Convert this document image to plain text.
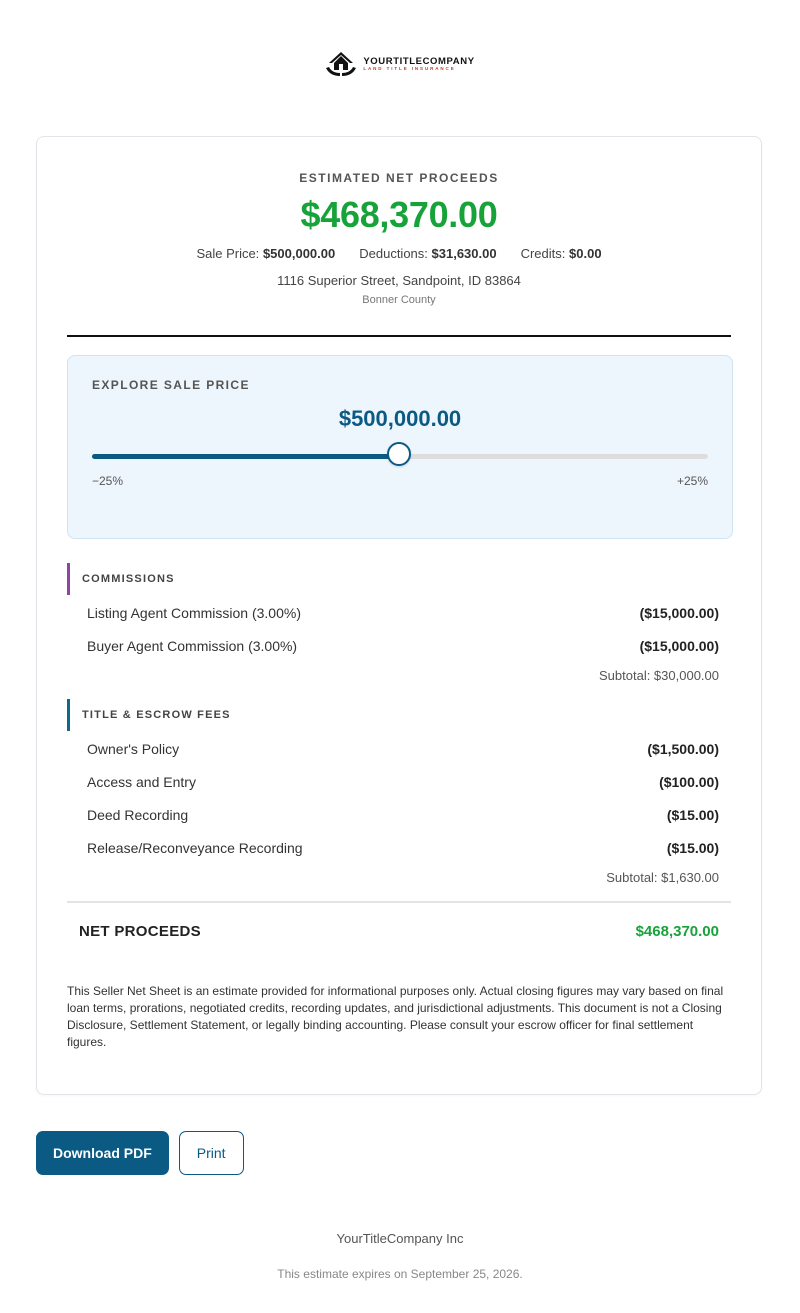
YOURTITLECOMPANY
LAND TITLE INSURANCE
ESTIMATED NET PROCEEDS
$468,370.00
Sale Price: $500,000.00 Deductions: $31,630.00 Credits: $0.00
1116 Superior Street, Sandpoint, ID 83864
Bonner County
EXPLORE SALE PRICE
$500,000.00
−25%	+25%
COMMISSIONS
Listing Agent Commission (3.00%)	($15,000.00)
Buyer Agent Commission (3.00%)	($15,000.00)
Subtotal: $30,000.00
TITLE & ESCROW FEES
Owner's Policy	($1,500.00)
Access and Entry	($100.00)
Deed Recording	($15.00)
Release/Reconveyance Recording	($15.00)
Subtotal: $1,630.00
NET PROCEEDS	$468,370.00
This Seller Net Sheet is an estimate provided for informational purposes only. Actual closing figures may vary based on final loan terms, prorations, negotiated credits, recording updates, and jurisdictional adjustments. This document is not a Closing Disclosure, Settlement Statement, or legally binding accounting. Please consult your escrow officer for final settlement figures.
Download PDF	Print
YourTitleCompany Inc
This estimate expires on September 25, 2026.
